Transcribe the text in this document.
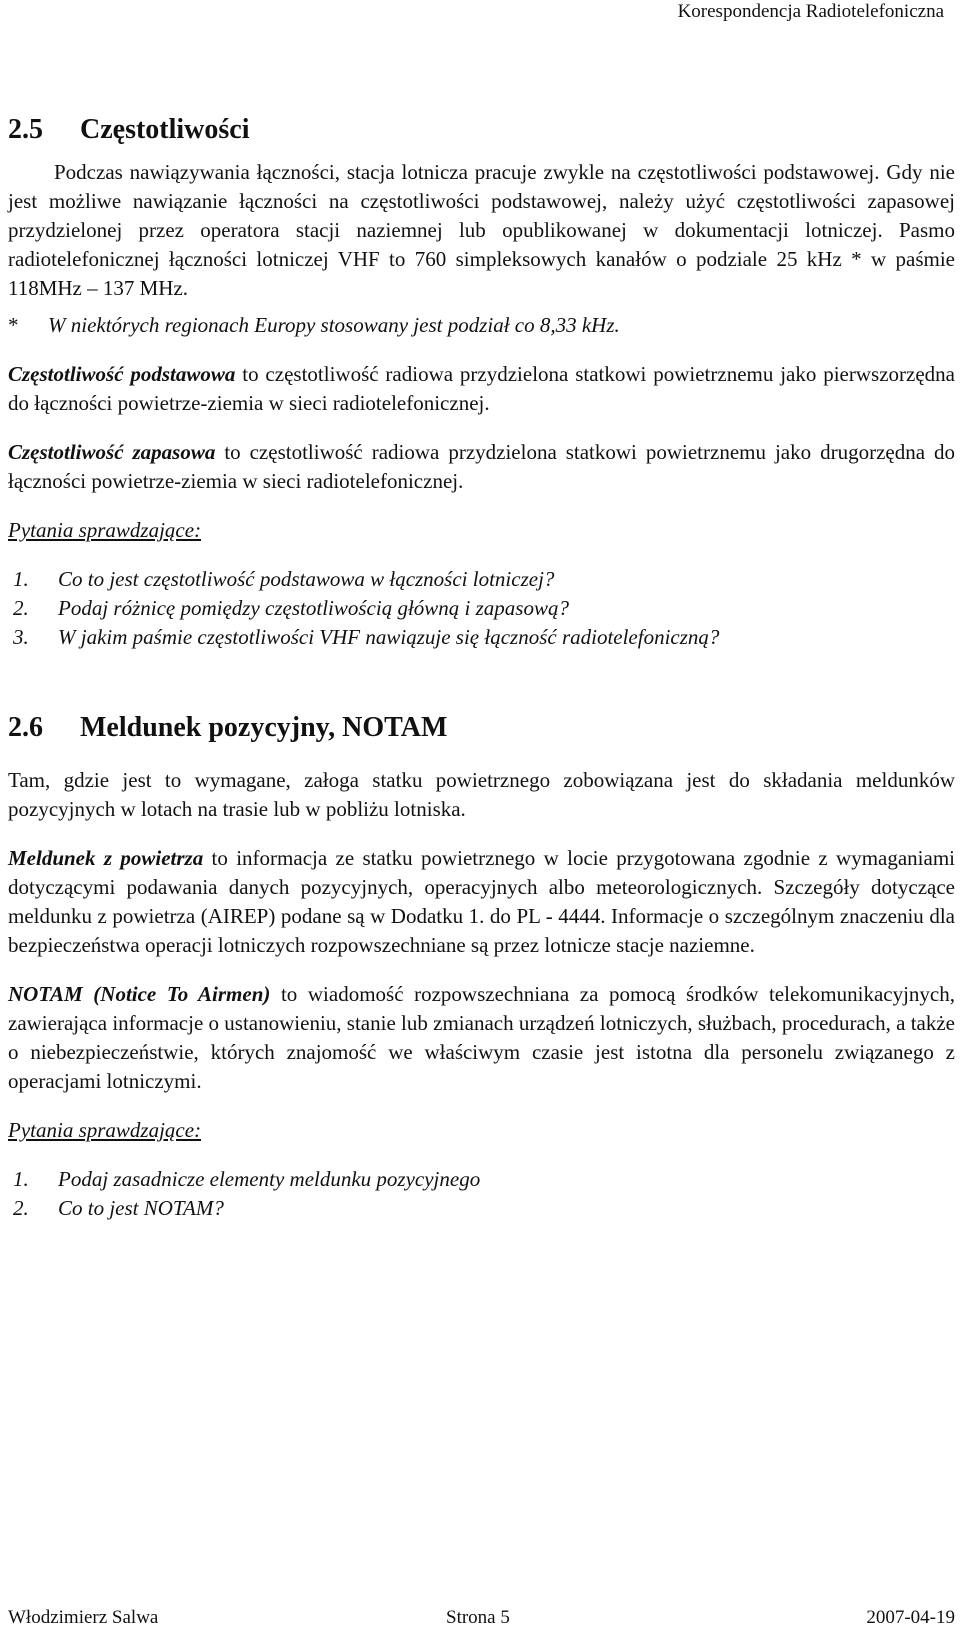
Korespondencja Radiotelefoniczna
2.5	Częstotliwości

Podczas nawiązywania łączności, stacja lotnicza pracuje zwykle na częstotliwości podstawowej. Gdy nie jest możliwe nawiązanie łączności na częstotliwości podstawowej, należy użyć częstotliwości zapasowej przydzielonej przez operatora stacji naziemnej lub opublikowanej w dokumentacji lotniczej. Pasmo radiotelefonicznej łączności lotniczej VHF to 760 simpleksowych kanałów o podziale 25 kHz * w paśmie 118MHz – 137 MHz.

* W niektórych regionach Europy stosowany jest podział co 8,33 kHz.

Częstotliwość podstawowa to częstotliwość radiowa przydzielona statkowi powietrznemu jako pierwszorzędna do łączności powietrze-ziemia w sieci radiotelefonicznej.

Częstotliwość zapasowa to częstotliwość radiowa przydzielona statkowi powietrznemu jako drugorzędna do łączności powietrze-ziemia w sieci radiotelefonicznej.

Pytania sprawdzające:

1.	Co to jest częstotliwość podstawowa w łączności lotniczej?
2.	Podaj różnicę pomiędzy częstotliwością główną i zapasową?
3.	W jakim paśmie częstotliwości VHF nawiązuje się łączność radiotelefoniczną?
2.6	Meldunek pozycyjny, NOTAM

Tam, gdzie jest to wymagane, załoga statku powietrznego zobowiązana jest do składania meldunków pozycyjnych w lotach na trasie lub w pobliżu lotniska.

Meldunek z powietrza to informacja ze statku powietrznego w locie przygotowana zgodnie z wymaganiami dotyczącymi podawania danych pozycyjnych, operacyjnych albo meteorologicznych. Szczegóły dotyczące meldunku z powietrza (AIREP) podane są w Dodatku 1. do PL - 4444. Informacje o szczególnym znaczeniu dla bezpieczeństwa operacji lotniczych rozpowszechniane są przez lotnicze stacje naziemne.

NOTAM (Notice To Airmen) to wiadomość rozpowszechniana za pomocą środków telekomunikacyjnych, zawierająca informacje o ustanowieniu, stanie lub zmianach urządzeń lotniczych, służbach, procedurach, a także o niebezpieczeństwie, których znajomość we właściwym czasie jest istotna dla personelu związanego z operacjami lotniczymi.

Pytania sprawdzające:

1.	Podaj zasadnicze elementy meldunku pozycyjnego
2.	Co to jest NOTAM?
Włodzimierz Salwa	Strona 5	2007-04-19
